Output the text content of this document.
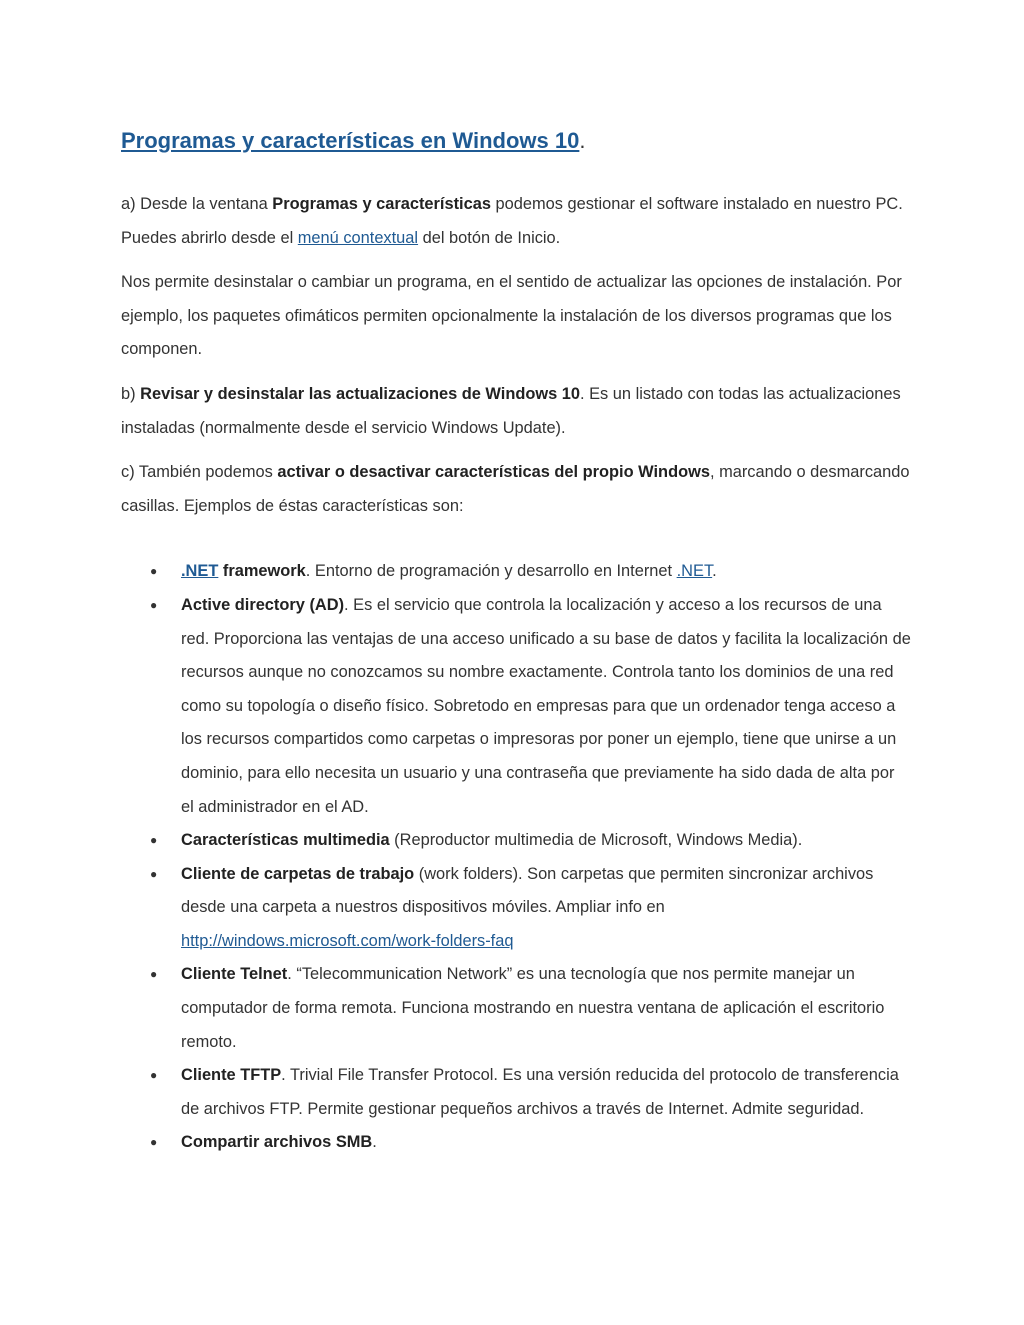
Programas y características en Windows 10.

a) Desde la ventana Programas y características podemos gestionar el software instalado en nuestro PC. Puedes abrirlo desde el menú contextual del botón de Inicio.

Nos permite desinstalar o cambiar un programa, en el sentido de actualizar las opciones de instalación. Por ejemplo, los paquetes ofimáticos permiten opcionalmente la instalación de los diversos programas que los componen.

b) Revisar y desinstalar las actualizaciones de Windows 10. Es un listado con todas las actualizaciones instaladas (normalmente desde el servicio Windows Update).

c) También podemos activar o desactivar características del propio Windows, marcando o desmarcando casillas. Ejemplos de éstas características son:

● .NET framework. Entorno de programación y desarrollo en Internet .NET.
● Active directory (AD). Es el servicio que controla la localización y acceso a los recursos de una red. Proporciona las ventajas de una acceso unificado a su base de datos y facilita la localización de recursos aunque no conozcamos su nombre exactamente. Controla tanto los dominios de una red como su topología o diseño físico. Sobretodo en empresas para que un ordenador tenga acceso a los recursos compartidos como carpetas o impresoras por poner un ejemplo, tiene que unirse a un dominio, para ello necesita un usuario y una contraseña que previamente ha sido dada de alta por el administrador en el AD.
● Características multimedia (Reproductor multimedia de Microsoft, Windows Media).
● Cliente de carpetas de trabajo (work folders). Son carpetas que permiten sincronizar archivos desde una carpeta a nuestros dispositivos móviles. Ampliar info en http://windows.microsoft.com/work-folders-faq
● Cliente Telnet. “Telecommunication Network” es una tecnología que nos permite manejar un computador de forma remota. Funciona mostrando en nuestra ventana de aplicación el escritorio remoto.
● Cliente TFTP. Trivial File Transfer Protocol. Es una versión reducida del protocolo de transferencia de archivos FTP. Permite gestionar pequeños archivos a través de Internet. Admite seguridad.
● Compartir archivos SMB.
